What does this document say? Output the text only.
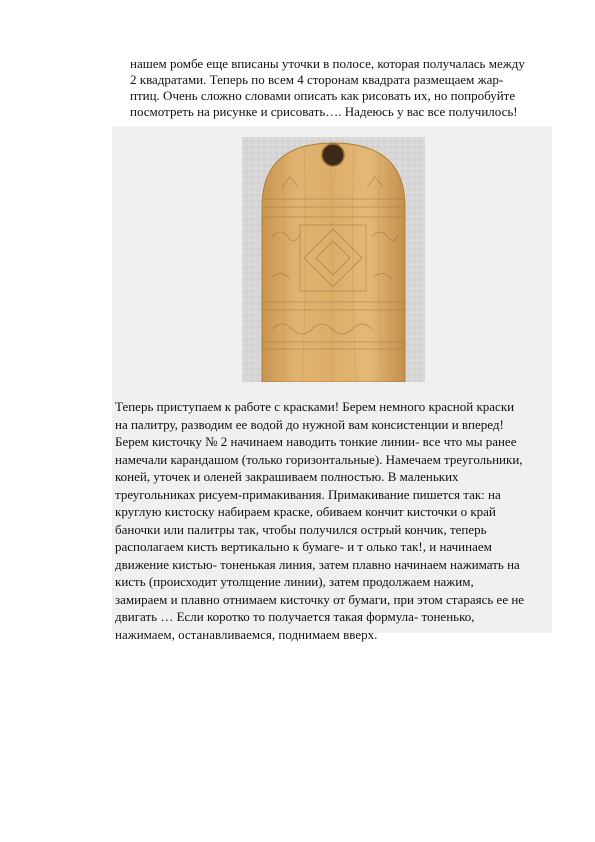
нашем ромбе еще вписаны уточки в полосе, которая получалась между
2 квадратами. Теперь по всем 4 сторонам квадрата размещаем жар-
птиц. Очень сложно словами описать как рисовать их, но попробуйте
посмотреть на рисунке и срисовать…. Надеюсь у вас все получилось!
Теперь приступаем к работе с красками! Берем немного красной краски
на палитру, разводим ее водой до нужной вам консистенции и вперед!
Берем кисточку № 2 начинаем наводить тонкие линии- все что мы ранее
намечали карандашом (только горизонтальные). Намечаем треугольники,
коней, уточек и оленей закрашиваем полностью. В маленьких
треугольниках рисуем-примакивания. Примакивание пишется так: на
круглую кистоску набираем краске, обиваем кончит кисточки о край
баночки или палитры так, чтобы получился острый кончик, теперь
располагаем кисть вертикально к бумаге- и т олько так!, и начинаем
движение кистью- тоненькая линия, затем плавно начинаем нажимать на
кисть (происходит утолщение линии), затем продолжаем нажим,
замираем и плавно отнимаем кисточку от бумаги, при этом стараясь ее не
двигать … Если коротко то получается такая формула- тоненько,
нажимаем, останавливаемся, поднимаем вверх.
